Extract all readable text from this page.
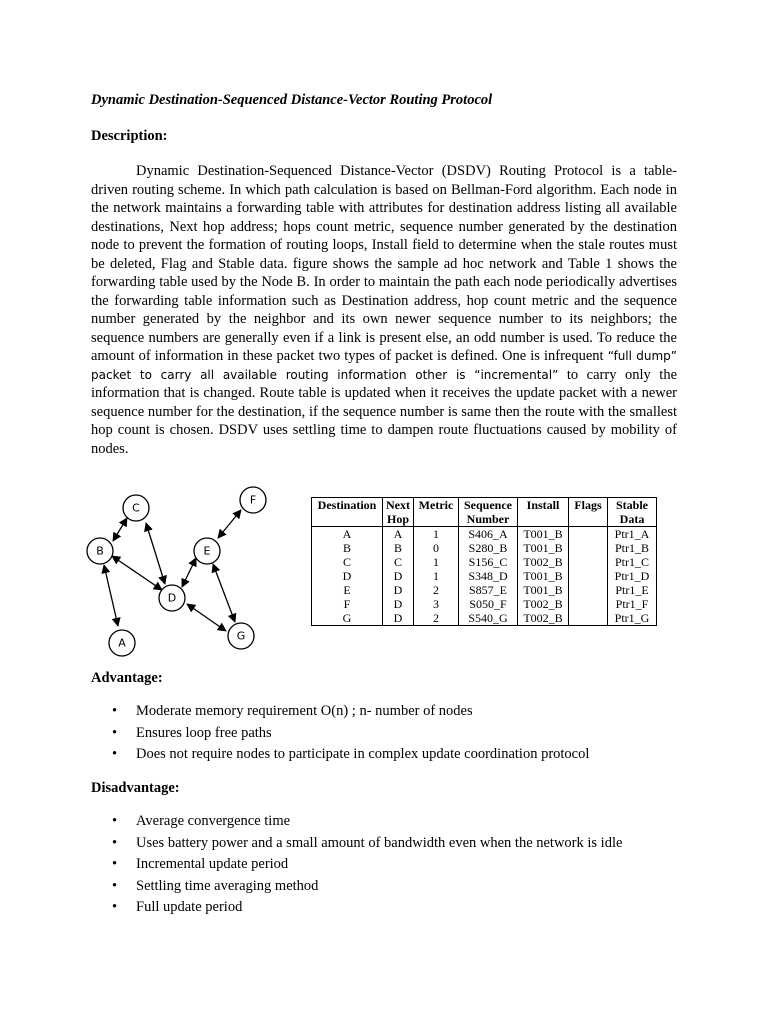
Dynamic Destination-Sequenced Distance-Vector Routing Protocol
Description:

Dynamic Destination-Sequenced Distance-Vector (DSDV) Routing Protocol is a table-driven routing scheme. In which path calculation is based on Bellman-Ford algorithm. Each node in the network maintains a forwarding table with attributes for destination address listing all available destinations, Next hop address; hops count metric, sequence number generated by the destination node to prevent the formation of routing loops, Install field to determine when the stale routes must be deleted, Flag and Stable data. figure shows the sample ad hoc network and Table 1 shows the forwarding table used by the Node B. In order to maintain the path each node periodically advertises the forwarding table information such as Destination address, hop count metric and the sequence number generated by the neighbor and its own newer sequence number to its neighbors; the sequence numbers are generally even if a link is present else, an odd number is used. To reduce the amount of information in these packet two types of packet is defined. One is infrequent “full dump” packet to carry all available routing information other is “incremental” to carry only the information that is changed. Route table is updated when it receives the update packet with a newer sequence number for the destination, if the sequence number is same then the route with the smallest hop count is chosen. DSDV uses settling time to dampen route fluctuations caused by mobility of nodes.

C
F
B	E
D
A
G
Destination	Next Hop	Metric	Sequence Number	Install	Flags	Stable Data
A	A	1	S406_A	T001_B		Ptr1_A
B	B	0	S280_B	T001_B		Ptr1_B
C	C	1	S156_C	T002_B		Ptr1_C
D	D	1	S348_D	T001_B		Ptr1_D
E	D	2	S857_E	T001_B		Ptr1_E
F	D	3	S050_F	T002_B		Ptr1_F
G	D	2	S540_G	T002_B		Ptr1_G
Advantage:
• Moderate memory requirement O(n) ; n- number of nodes
• Ensures loop free paths
• Does not require nodes to participate in complex update coordination protocol
Disadvantage:
• Average convergence time
• Uses battery power and a small amount of bandwidth even when the network is idle
• Incremental update period
• Settling time averaging method
• Full update period
